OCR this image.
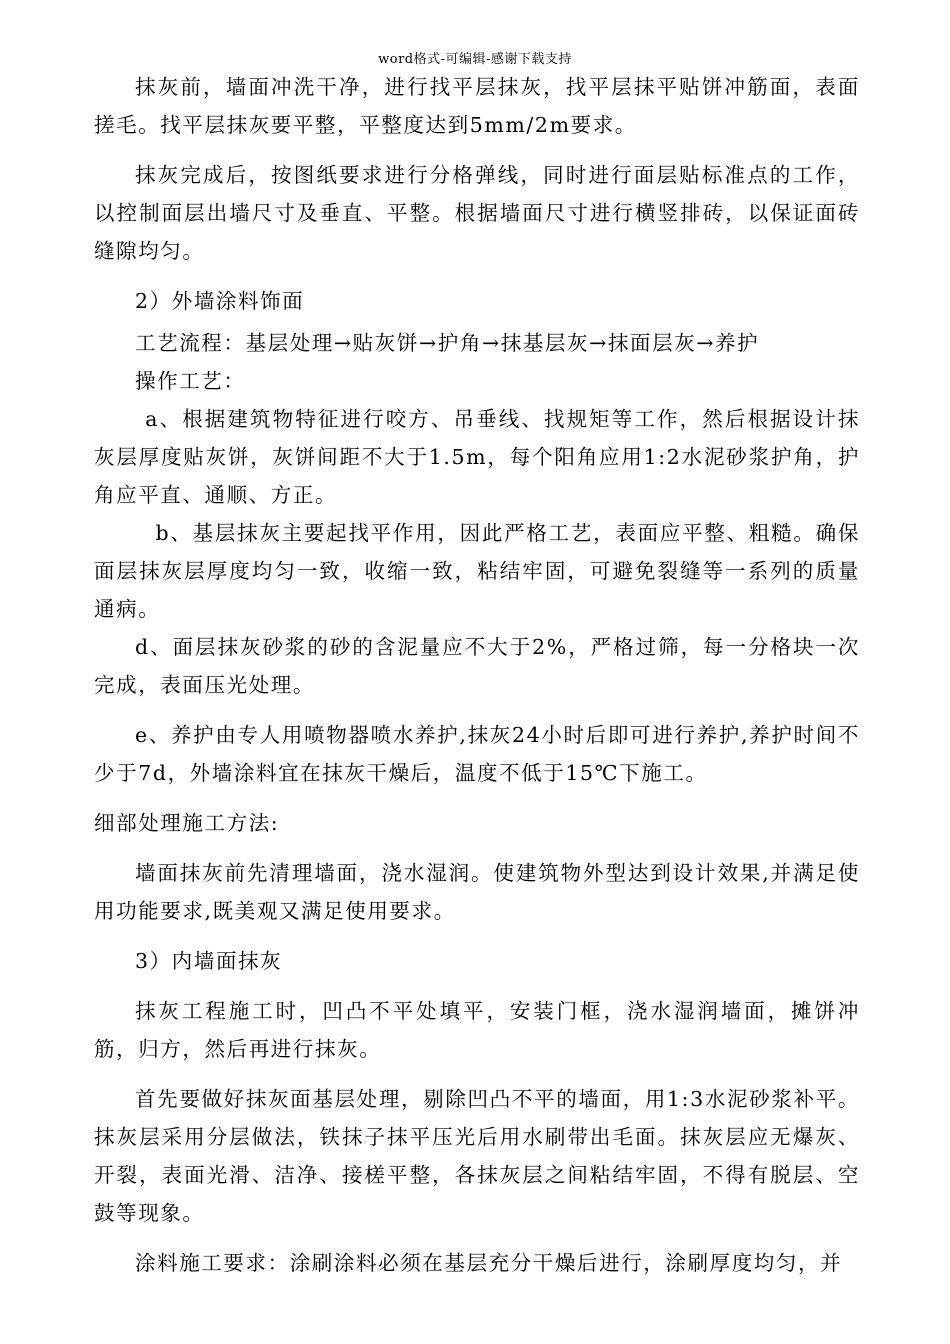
word格式-可编辑-感谢下载支持

抹灰前，墙面冲洗干净，进行找平层抹灰，找平层抹平贴饼冲筋面，表面搓毛。找平层抹灰要平整，平整度达到5mm/2m要求。

抹灰完成后，按图纸要求进行分格弹线，同时进行面层贴标准点的工作，以控制面层出墙尺寸及垂直、平整。根据墙面尺寸进行横竖排砖，以保证面砖缝隙均匀。

2）外墙涂料饰面

工艺流程：基层处理→贴灰饼→护角→抹基层灰→抹面层灰→养护

操作工艺：

a、根据建筑物特征进行咬方、吊垂线、找规矩等工作，然后根据设计抹灰层厚度贴灰饼，灰饼间距不大于1.5m，每个阳角应用1:2水泥砂浆护角，护角应平直、通顺、方正。

b、基层抹灰主要起找平作用，因此严格工艺，表面应平整、粗糙。确保面层抹灰层厚度均匀一致，收缩一致，粘结牢固，可避免裂缝等一系列的质量通病。

d、面层抹灰砂浆的砂的含泥量应不大于2%，严格过筛，每一分格块一次完成，表面压光处理。

e、养护由专人用喷物器喷水养护,抹灰24小时后即可进行养护,养护时间不少于7d，外墙涂料宜在抹灰干燥后，温度不低于15℃下施工。

细部处理施工方法:

墙面抹灰前先清理墙面，浇水湿润。使建筑物外型达到设计效果,并满足使用功能要求,既美观又满足使用要求。

3）内墙面抹灰

抹灰工程施工时，凹凸不平处填平，安装门框，浇水湿润墙面，摊饼冲筋，归方，然后再进行抹灰。

首先要做好抹灰面基层处理，剔除凹凸不平的墙面，用1:3水泥砂浆补平。抹灰层采用分层做法，铁抹子抹平压光后用水刷带出毛面。抹灰层应无爆灰、开裂，表面光滑、洁净、接槎平整，各抹灰层之间粘结牢固，不得有脱层、空鼓等现象。

涂料施工要求：涂刷涂料必须在基层充分干燥后进行，涂刷厚度均匀，并
